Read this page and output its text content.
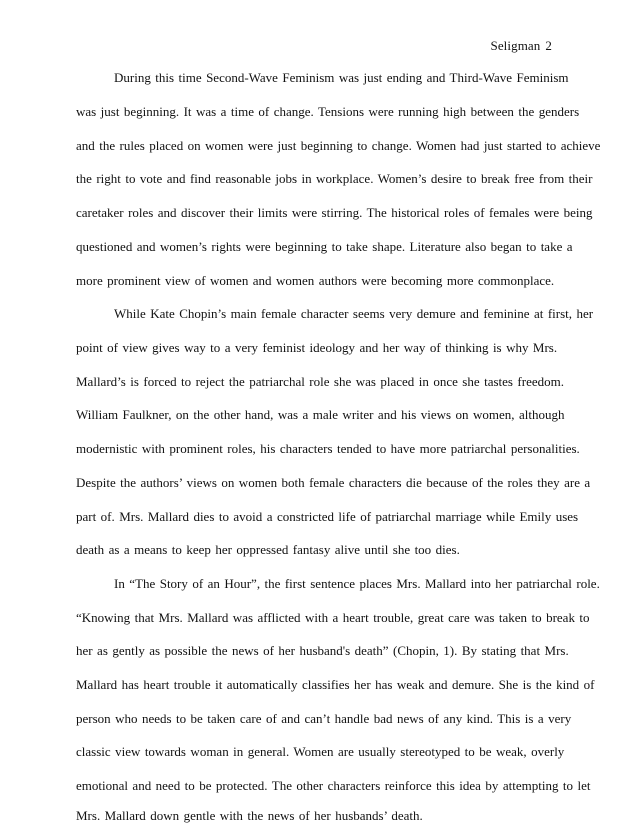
Seligman 2
During this time Second-Wave Feminism was just ending and Third-Wave Feminism
was just beginning. It was a time of change. Tensions were running high between the genders
and the rules placed on women were just beginning to change. Women had just started to achieve
the right to vote and find reasonable jobs in workplace. Women’s desire to break free from their
caretaker roles and discover their limits were stirring. The historical roles of females were being
questioned and women’s rights were beginning to take shape. Literature also began to take a
more prominent view of women and women authors were becoming more commonplace.
While Kate Chopin’s main female character seems very demure and feminine at first, her
point of view gives way to a very feminist ideology and her way of thinking is why Mrs.
Mallard’s is forced to reject the patriarchal role she was placed in once she tastes freedom.
William Faulkner, on the other hand, was a male writer and his views on women, although
modernistic with prominent roles, his characters tended to have more patriarchal personalities.
Despite the authors’ views on women both female characters die because of the roles they are a
part of. Mrs. Mallard dies to avoid a constricted life of patriarchal marriage while Emily uses
death as a means to keep her oppressed fantasy alive until she too dies.
In “The Story of an Hour”, the first sentence places Mrs. Mallard into her patriarchal role.
“Knowing that Mrs. Mallard was afflicted with a heart trouble, great care was taken to break to
her as gently as possible the news of her husband's death” (Chopin, 1). By stating that Mrs.
Mallard has heart trouble it automatically classifies her has weak and demure. She is the kind of
person who needs to be taken care of and can’t handle bad news of any kind. This is a very
classic view towards woman in general. Women are usually stereotyped to be weak, overly
emotional and need to be protected. The other characters reinforce this idea by attempting to let
Mrs. Mallard down gentle with the news of her husbands’ death.
